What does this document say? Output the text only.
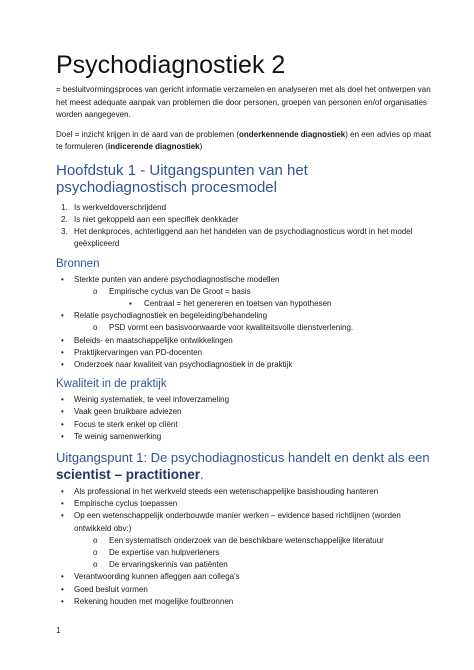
Psychodiagnostiek 2

= besluitvormingsproces van gericht informatie verzamelen en analyseren met als doel het ontwerpen van het meest adequate aanpak van problemen die door personen, groepen van personen en/of organisaties worden aangegeven.

Doel = inzicht krijgen in de aard van de problemen (onderkennende diagnostiek) en een advies op maat te formuleren (indicerende diagnostiek)

Hoofdstuk 1 - Uitgangspunten van het psychodiagnostisch procesmodel
1. Is werkveldoverschrijdend
2. Is niet gekoppeld aan een specifiek denkkader
3. Het denkproces, achterliggend aan het handelen van de psychodiagnosticus wordt in het model geëxpliceerd
Bronnen
• Sterkte punten van andere psychodiagnostische modellen
o Empirische cyclus van De Groot = basis
▪ Centraal = het genereren en toetsen van hypothesen
• Relatie psychodiagnostiek en begeleiding/behandeling
o PSD vormt een basisvoorwaarde voor kwaliteitsvolle dienstverlening.
• Beleids- en maatschappelijke ontwikkelingen
• Praktijkervaringen van PD-docenten
• Onderzoek naar kwaliteit van psychodiagnostiek in de praktijk
Kwaliteit in de praktijk
• Weinig systematiek, te veel infoverzameling
• Vaak geen bruikbare adviezen
• Focus te sterk enkel op cliënt
• Te weinig samenwerking
Uitgangspunt 1: De psychodiagnosticus handelt en denkt als een scientist – practitioner.
• Als professional in het werkveld steeds een wetenschappelijke basishouding hanteren
• Empirische cyclus toepassen
• Op een wetenschappelijk onderbouwde manier werken – evidence based richtlijnen (worden ontwikkeld obv:)
o Een systematisch onderzoek van de beschikbare wetenschappelijke literatuur
o De expertise van hulpverleners
o De ervaringskennis van patiënten
• Verantwoording kunnen afleggen aan collega's
• Goed besluit vormen
• Rekening houden met mogelijke foutbronnen
1
